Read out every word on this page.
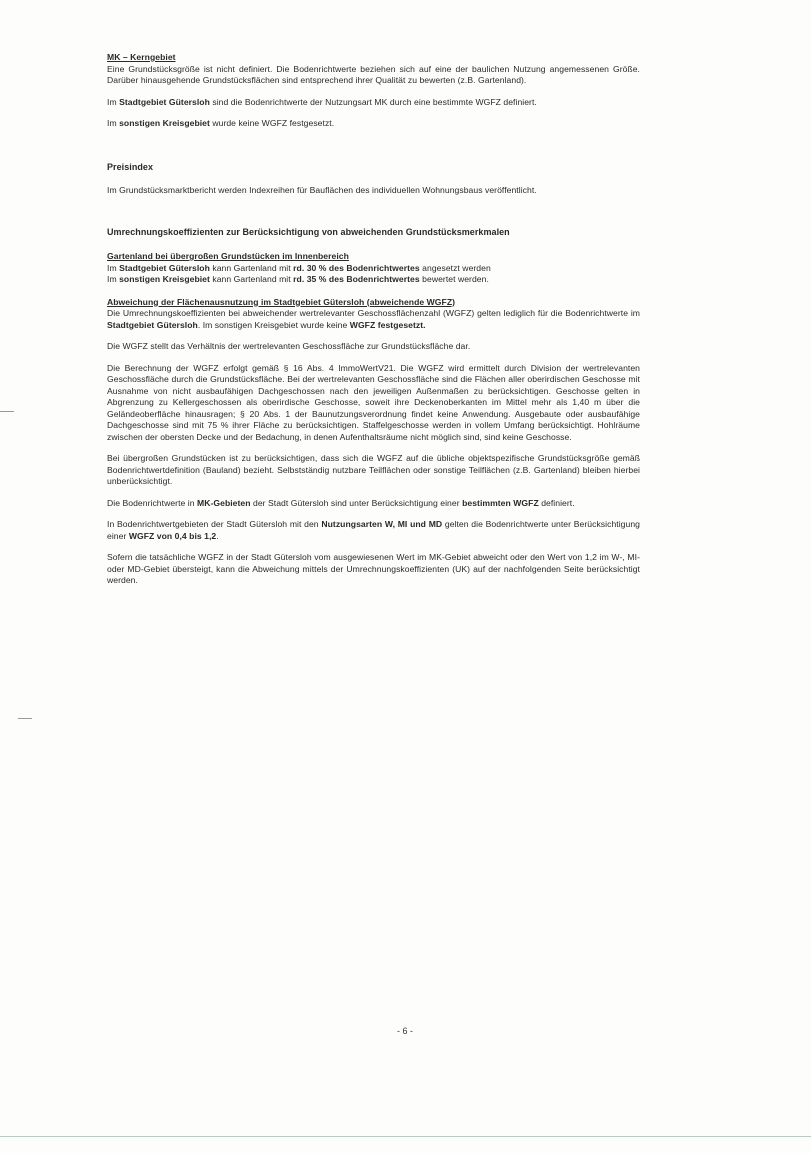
MK – Kerngebiet

Eine Grundstücksgröße ist nicht definiert. Die Bodenrichtwerte beziehen sich auf eine der baulichen Nutzung angemessenen Größe. Darüber hinausgehende Grundstücksflächen sind entsprechend ihrer Qualität zu bewerten (z.B. Gartenland).

Im Stadtgebiet Gütersloh sind die Bodenrichtwerte der Nutzungsart MK durch eine bestimmte WGFZ definiert.

Im sonstigen Kreisgebiet wurde keine WGFZ festgesetzt.

Preisindex

Im Grundstücksmarktbericht werden Indexreihen für Bauflächen des individuellen Wohnungsbaus veröffentlicht.

Umrechnungskoeffizienten zur Berücksichtigung von abweichenden Grundstücksmerkmalen

Gartenland bei übergroßen Grundstücken im Innenbereich

Im Stadtgebiet Gütersloh kann Gartenland mit rd. 30 % des Bodenrichtwertes angesetzt werden

Im sonstigen Kreisgebiet kann Gartenland mit rd. 35 % des Bodenrichtwertes bewertet werden.

Abweichung der Flächenausnutzung im Stadtgebiet Gütersloh (abweichende WGFZ)

Die Umrechnungskoeffizienten bei abweichender wertrelevanter Geschossflächenzahl (WGFZ) gelten lediglich für die Bodenrichtwerte im Stadtgebiet Gütersloh. Im sonstigen Kreisgebiet wurde keine WGFZ festgesetzt.

Die WGFZ stellt das Verhältnis der wertrelevanten Geschossfläche zur Grundstücksfläche dar.

Die Berechnung der WGFZ erfolgt gemäß § 16 Abs. 4 ImmoWertV21. Die WGFZ wird ermittelt durch Division der wertrelevanten Geschossfläche durch die Grundstücksfläche. Bei der wertrelevanten Geschossfläche sind die Flächen aller oberirdischen Geschosse mit Ausnahme von nicht ausbaufähigen Dachgeschossen nach den jeweiligen Außenmaßen zu berücksichtigen. Geschosse gelten in Abgrenzung zu Kellergeschossen als oberirdische Geschosse, soweit ihre Deckenoberkanten im Mittel mehr als 1,40 m über die Geländeoberfläche hinausragen; § 20 Abs. 1 der Baunutzungsverordnung findet keine Anwendung. Ausgebaute oder ausbaufähige Dachgeschosse sind mit 75 % ihrer Fläche zu berücksichtigen. Staffelgeschosse werden in vollem Umfang berücksichtigt. Hohlräume zwischen der obersten Decke und der Bedachung, in denen Aufenthaltsräume nicht möglich sind, sind keine Geschosse.

Bei übergroßen Grundstücken ist zu berücksichtigen, dass sich die WGFZ auf die übliche objektspezifische Grundstücksgröße gemäß Bodenrichtwertdefinition (Bauland) bezieht. Selbstständig nutzbare Teilflächen oder sonstige Teilflächen (z.B. Gartenland) bleiben hierbei unberücksichtigt.

Die Bodenrichtwerte in MK-Gebieten der Stadt Gütersloh sind unter Berücksichtigung einer bestimmten WGFZ definiert.

In Bodenrichtwertgebieten der Stadt Gütersloh mit den Nutzungsarten W, MI und MD gelten die Bodenrichtwerte unter Berücksichtigung einer WGFZ von 0,4 bis 1,2.

Sofern die tatsächliche WGFZ in der Stadt Gütersloh vom ausgewiesenen Wert im MK-Gebiet abweicht oder den Wert von 1,2 im W-, MI- oder MD-Gebiet übersteigt, kann die Abweichung mittels der Umrechnungskoeffizienten (UK) auf der nachfolgenden Seite berücksichtigt werden.

- 6 -
